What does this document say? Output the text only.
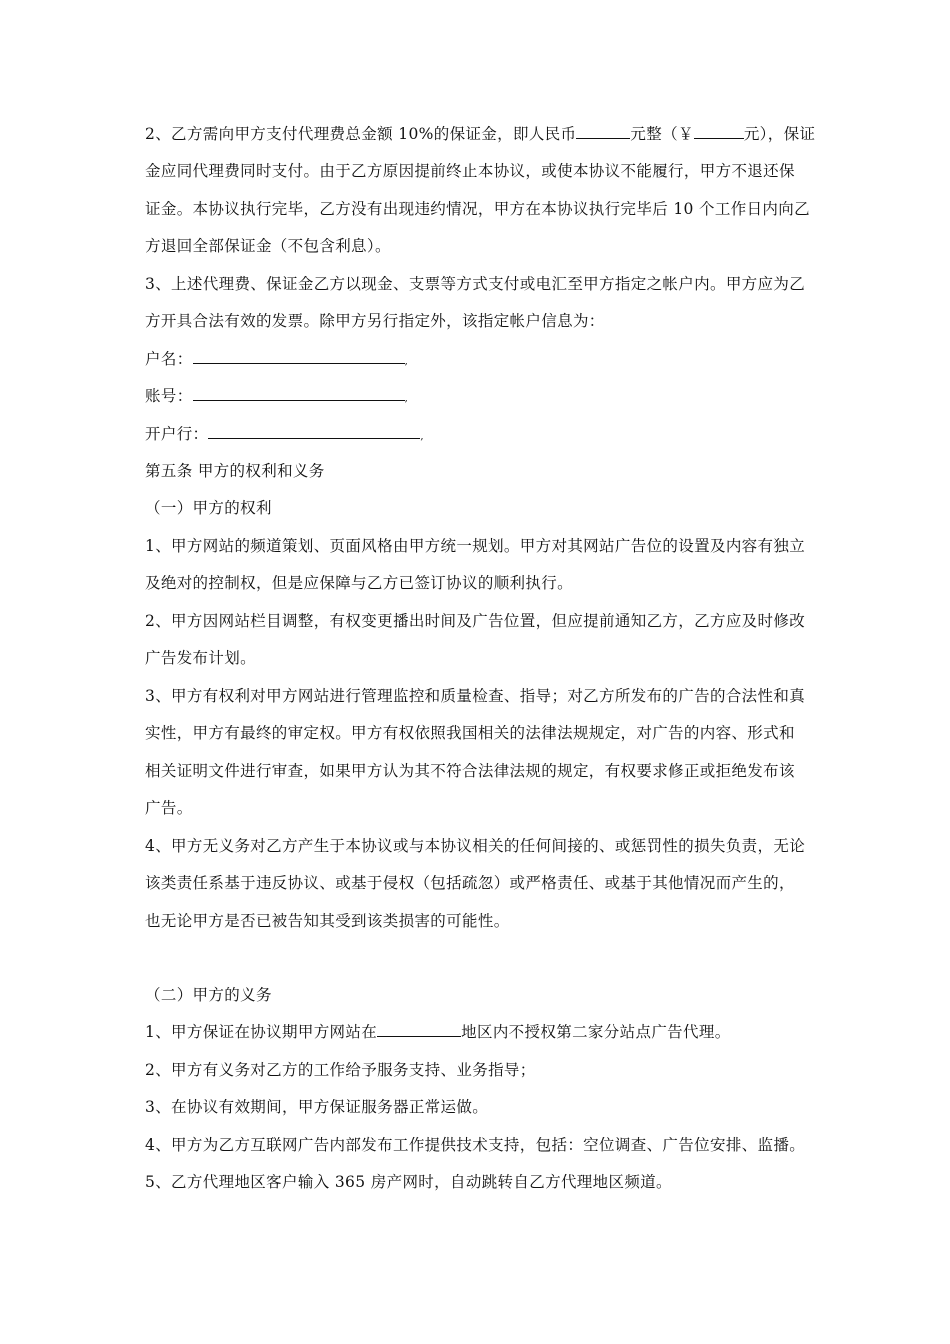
2、乙方需向甲方支付代理费总金额 10%的保证金，即人民币	元整（￥	元），保证
金应同代理费同时支付。由于乙方原因提前终止本协议，或使本协议不能履行，甲方不退还保
证金。本协议执行完毕，乙方没有出现违约情况，甲方在本协议执行完毕后 10 个工作日内向乙
方退回全部保证金（不包含利息）。
3、上述代理费、保证金乙方以现金、支票等方式支付或电汇至甲方指定之帐户内。甲方应为乙
方开具合法有效的发票。除甲方另行指定外，该指定帐户信息为：
户名：	,
账号：	,
开户行：	,
第五条 甲方的权利和义务
（一）甲方的权利
1、甲方网站的频道策划、页面风格由甲方统一规划。甲方对其网站广告位的设置及内容有独立
及绝对的控制权，但是应保障与乙方已签订协议的顺利执行。
2、甲方因网站栏目调整，有权变更播出时间及广告位置，但应提前通知乙方，乙方应及时修改
广告发布计划。
3、甲方有权利对甲方网站进行管理监控和质量检查、指导；对乙方所发布的广告的合法性和真
实性，甲方有最终的审定权。甲方有权依照我国相关的法律法规规定，对广告的内容、形式和
相关证明文件进行审查，如果甲方认为其不符合法律法规的规定，有权要求修正或拒绝发布该
广告。
4、甲方无义务对乙方产生于本协议或与本协议相关的任何间接的、或惩罚性的损失负责，无论
该类责任系基于违反协议、或基于侵权（包括疏忽）或严格责任、或基于其他情况而产生的，
也无论甲方是否已被告知其受到该类损害的可能性。
（二）甲方的义务
1、甲方保证在协议期甲方网站在	地区内不授权第二家分站点广告代理。
2、甲方有义务对乙方的工作给予服务支持、业务指导；
3、在协议有效期间，甲方保证服务器正常运做。
4、甲方为乙方互联网广告内部发布工作提供技术支持，包括：空位调查、广告位安排、监播。
5、乙方代理地区客户输入 365 房产网时，自动跳转自乙方代理地区频道。
